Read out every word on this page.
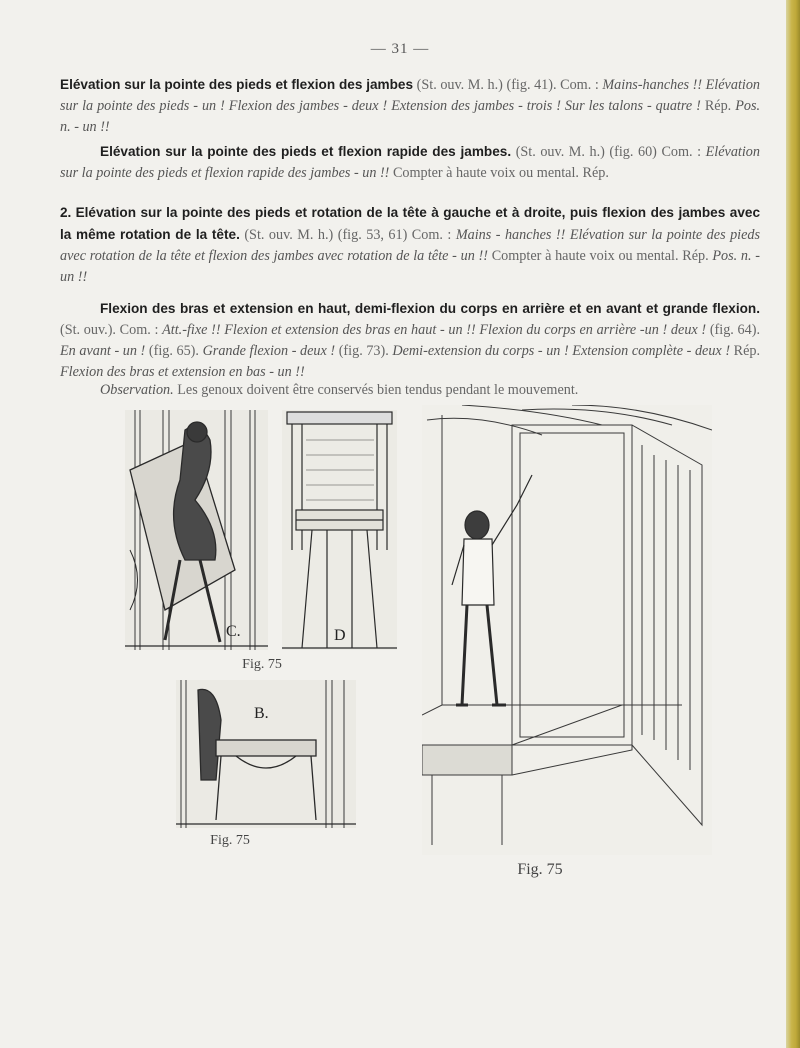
— 31 —
Elévation sur la pointe des pieds et flexion des jambes (St. ouv. M. h.) (fig. 41). Com. : Mains-hanches !! Elévation sur la pointe des pieds - un ! Flexion des jambes - deux ! Extension des jambes - trois ! Sur les talons - quatre ! Rép. Pos. n. - un !!
Elévation sur la pointe des pieds et flexion rapide des jambes. (St. ouv. M. h.) (fig. 60) Com. : Elévation sur la pointe des pieds et flexion rapide des jambes - un !! Compter à haute voix ou mental. Rép.
2. Elévation sur la pointe des pieds et rotation de la tête à gauche et à droite, puis flexion des jambes avec la même rotation de la tête. (St. ouv. M. h.) (fig. 53, 61) Com. : Mains - hanches !! Elévation sur la pointe des pieds avec rotation de la tête et flexion des jambes avec rotation de la tête - un !! Compter à haute voix ou mental. Rép. Pos. n. - un !!
Flexion des bras et extension en haut, demi-flexion du corps en arrière et en avant et grande flexion. (St. ouv.). Com. : Att.-fixe !! Flexion et extension des bras en haut - un !! Flexion du corps en arrière -un ! deux ! (fig. 64). En avant - un ! (fig. 65). Grande flexion - deux ! (fig. 73). Demi-extension du corps - un ! Extension complète - deux ! Rép. Flexion des bras et extension en bas - un !!
Observation. Les genoux doivent être conservés bien tendus pendant le mouvement.
C.	D
Fig. 75
B.
Fig. 75
Fig. 75
